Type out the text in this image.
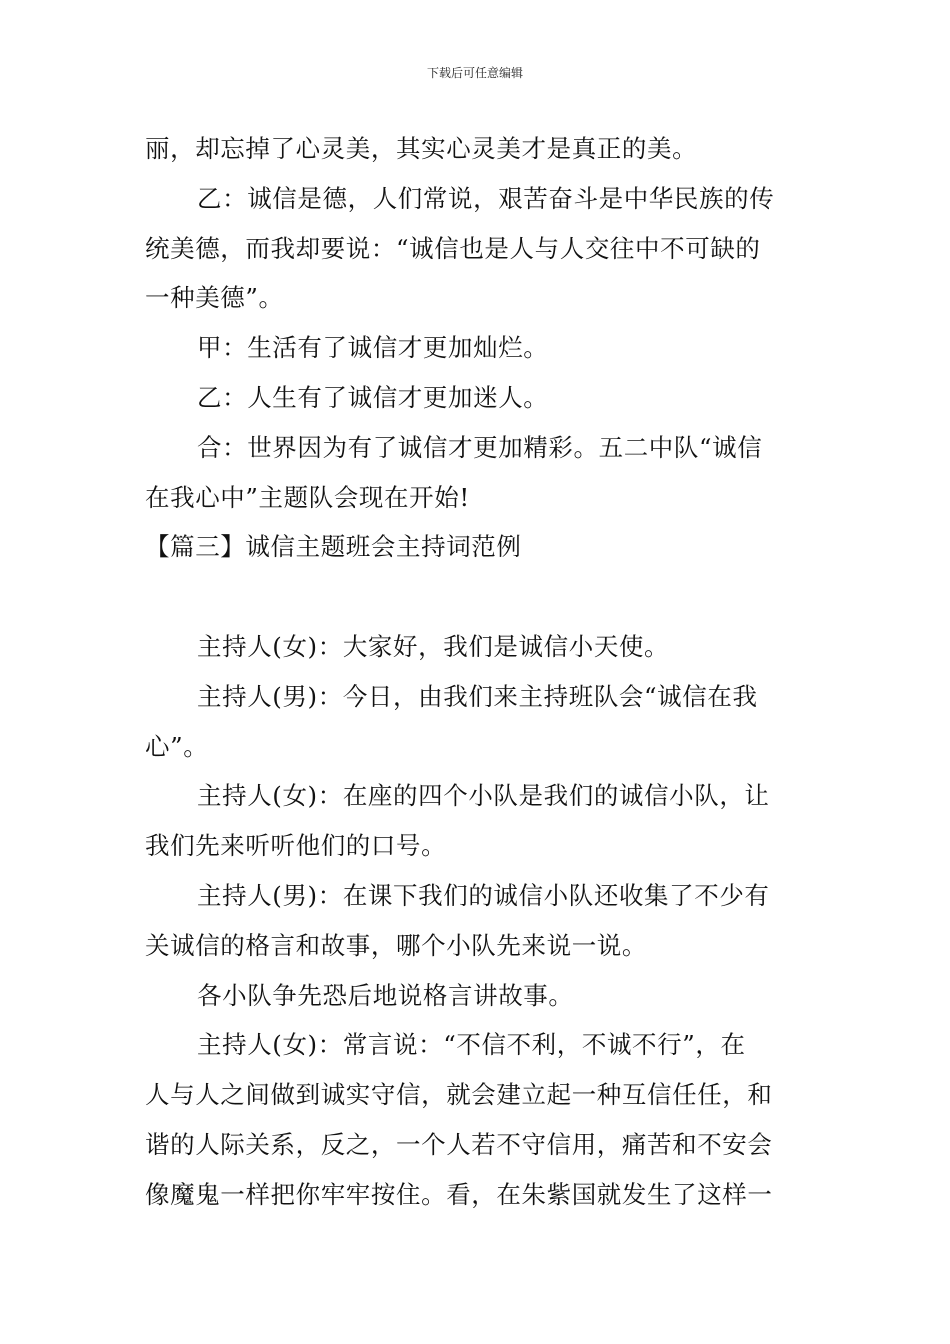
下载后可任意编辑
丽，却忘掉了心灵美，其实心灵美才是真正的美。
乙：诚信是德，人们常说，艰苦奋斗是中华民族的传
统美德，而我却要说：“诚信也是人与人交往中不可缺的
一种美德”。
甲：生活有了诚信才更加灿烂。
乙：人生有了诚信才更加迷人。
合：世界因为有了诚信才更加精彩。五二中队“诚信
在我心中”主题队会现在开始!
【篇三】诚信主题班会主持词范例
主持人(女)：大家好，我们是诚信小天使。
主持人(男)：今日，由我们来主持班队会“诚信在我
心”。
主持人(女)：在座的四个小队是我们的诚信小队，让
我们先来听听他们的口号。
主持人(男)：在课下我们的诚信小队还收集了不少有
关诚信的格言和故事，哪个小队先来说一说。
各小队争先恐后地说格言讲故事。
主持人(女)：常言说：“不信不利，不诚不行”，在
人与人之间做到诚实守信，就会建立起一种互信任任，和
谐的人际关系，反之，一个人若不守信用，痛苦和不安会
像魔鬼一样把你牢牢按住。看，在朱紫国就发生了这样一
